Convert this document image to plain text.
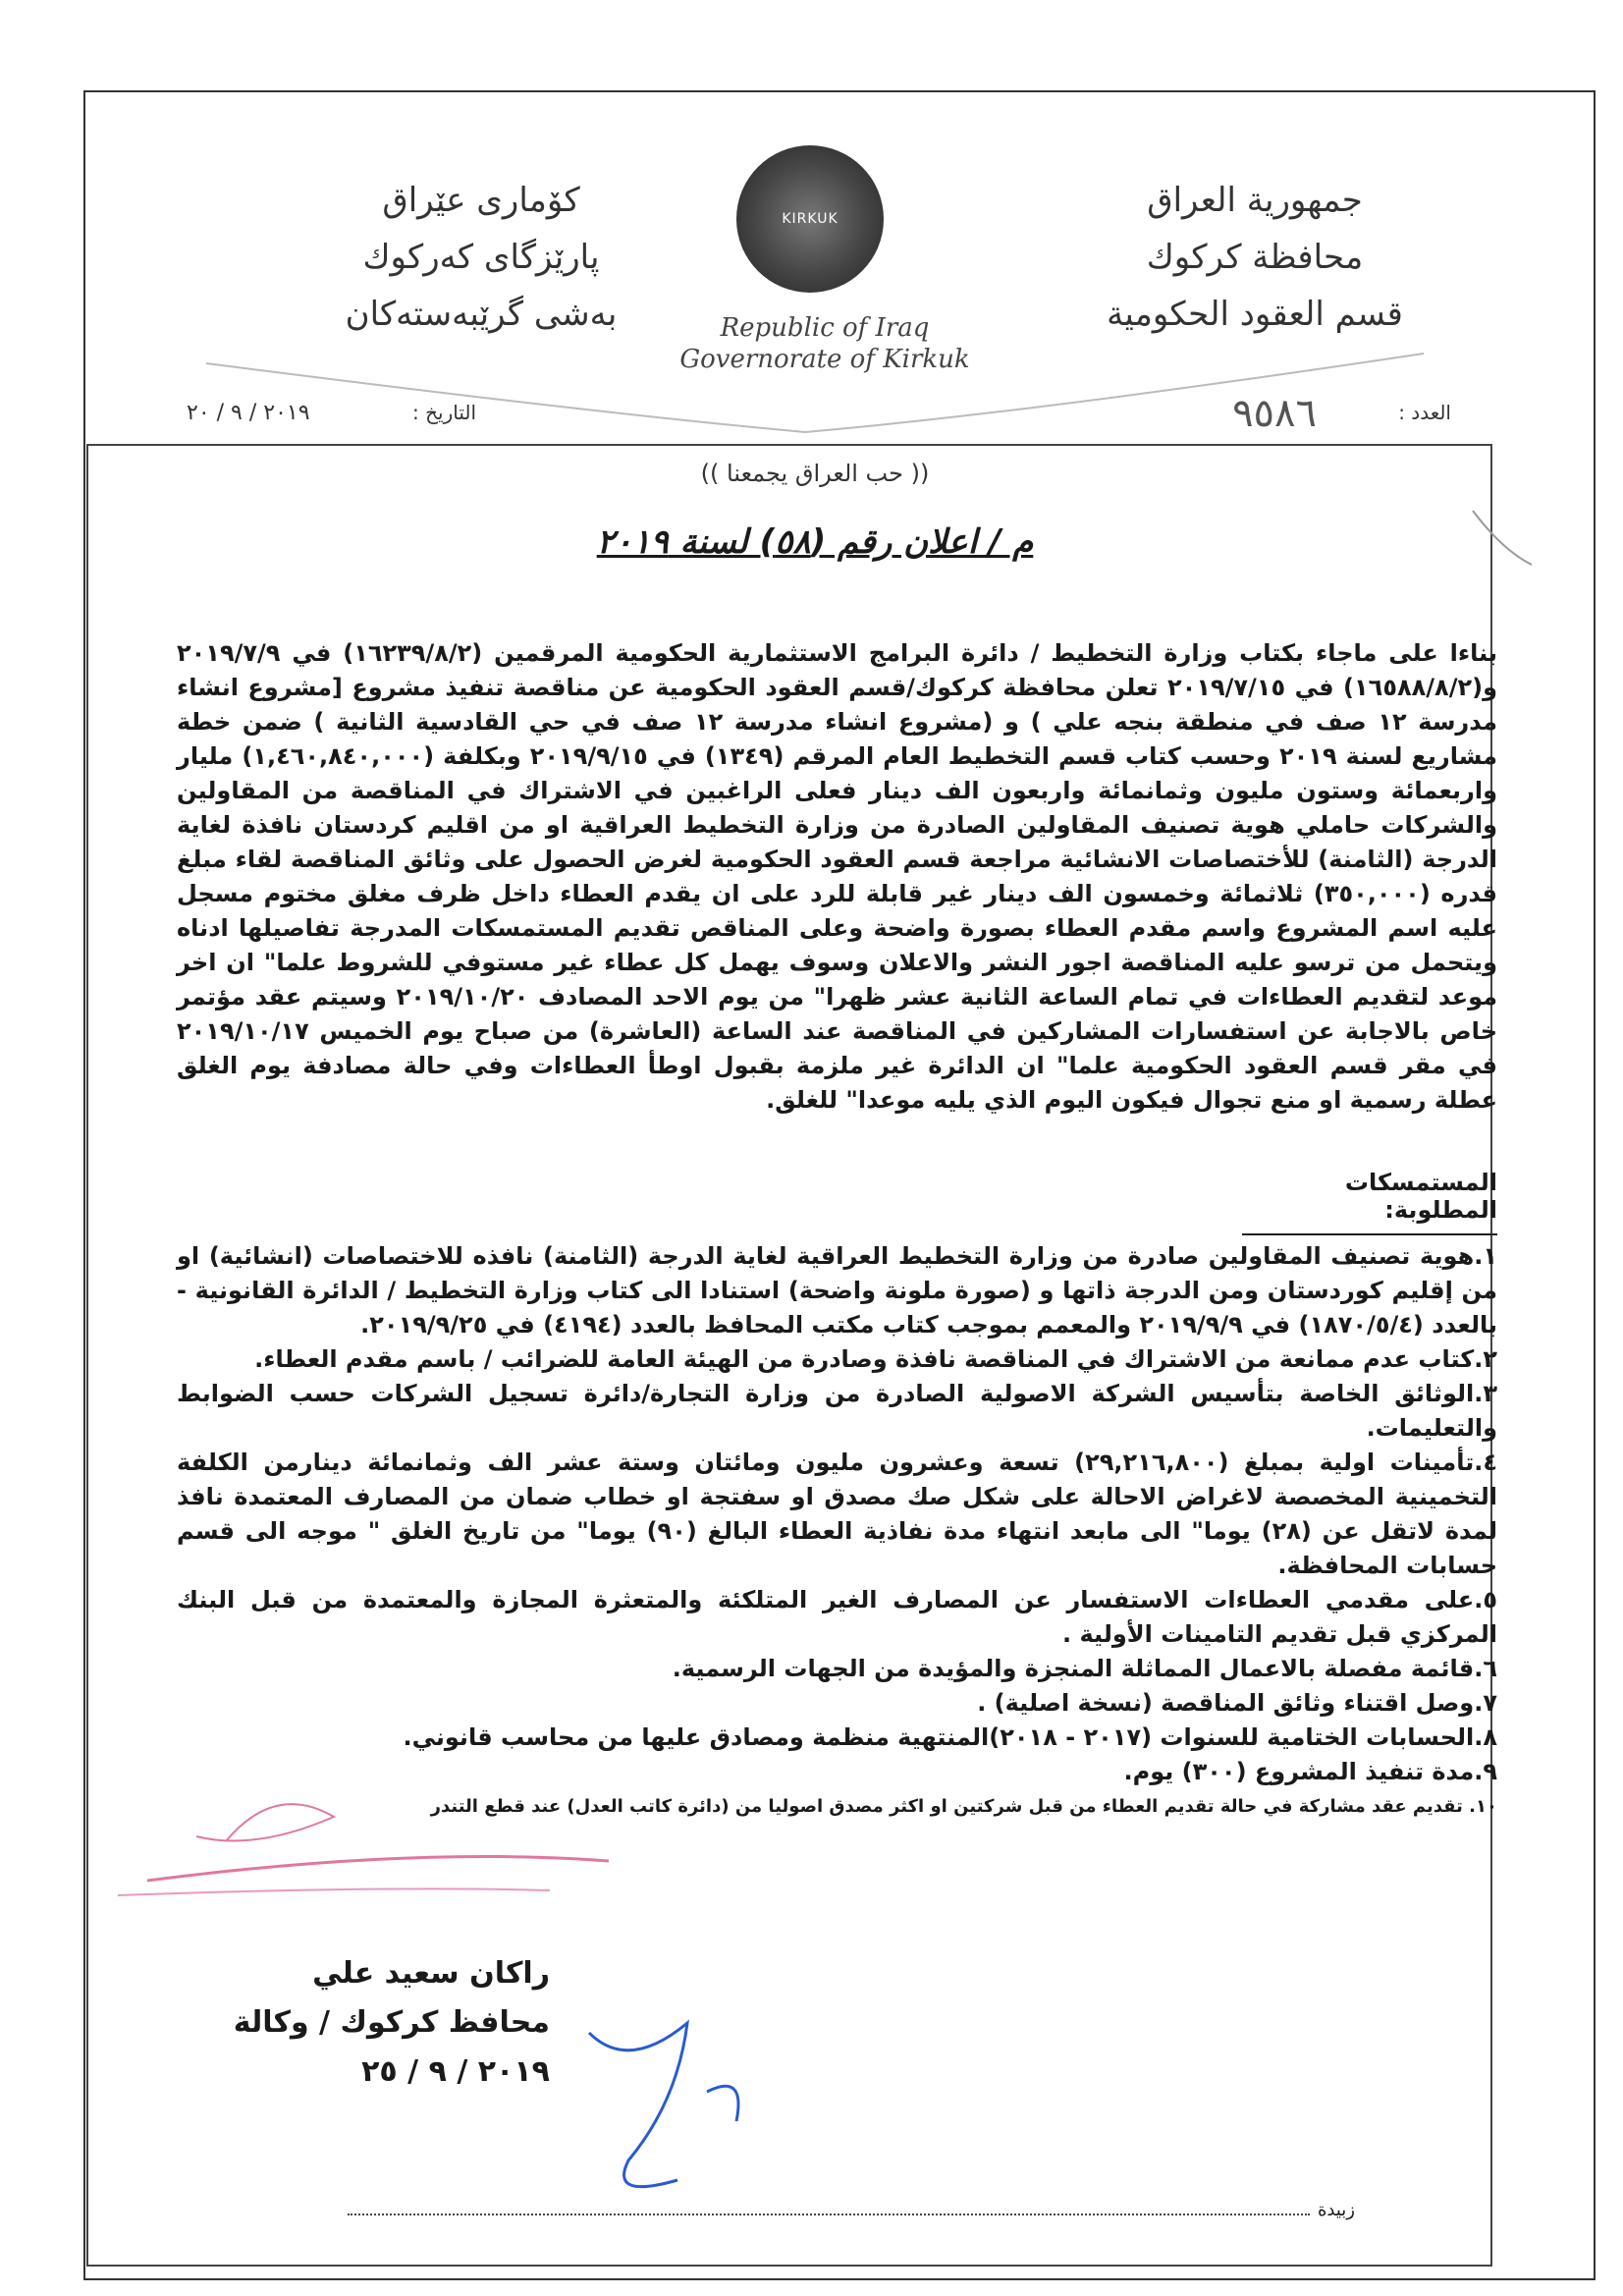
جمهورية العراق
محافظة كركوك
قسم العقود الحكومية
كۆماری عێراق
پارێزگای كەركوك
بەشی گرێبەستەكان
KIRKUK
Republic of Iraq
Governorate of Kirkuk
العدد :
٩٥٨٦
التاريخ :
٢٠١٩ / ٩ / ٢٠
(( حب العراق يجمعنا ))
م / اعلان رقم (٥٨) لسنة ٢٠١٩
بناءا على ماجاء بكتاب وزارة التخطيط / دائرة البرامج الاستثمارية الحكومية المرقمين (١٦٢٣٩/٨/٢) في ٢٠١٩/٧/٩ و(١٦٥٨٨/٨/٢) في ٢٠١٩/٧/١٥ تعلن محافظة كركوك/قسم العقود الحكومية عن مناقصة تنفيذ مشروع [مشروع انشاء مدرسة ١٢ صف في منطقة بنجه علي ) و (مشروع انشاء مدرسة ١٢ صف في حي القادسية الثانية ) ضمن خطة مشاريع لسنة ٢٠١٩ وحسب كتاب قسم التخطيط العام المرقم (١٣٤٩) في ٢٠١٩/٩/١٥ وبكلفة (١,٤٦٠,٨٤٠,٠٠٠) مليار واربعمائة وستون مليون وثمانمائة واربعون الف دينار فعلى الراغبين في الاشتراك في المناقصة من المقاولين والشركات حاملي هوية تصنيف المقاولين الصادرة من وزارة التخطيط العراقية او من اقليم كردستان نافذة لغاية الدرجة (الثامنة) للأختصاصات الانشائية مراجعة قسم العقود الحكومية لغرض الحصول على وثائق المناقصة لقاء مبلغ قدره (٣٥٠,٠٠٠) ثلاثمائة وخمسون الف دينار غير قابلة للرد على ان يقدم العطاء داخل ظرف مغلق مختوم مسجل عليه اسم المشروع واسم مقدم العطاء بصورة واضحة وعلى المناقص تقديم المستمسكات المدرجة تفاصيلها ادناه ويتحمل من ترسو عليه المناقصة اجور النشر والاعلان وسوف يهمل كل عطاء غير مستوفي للشروط علما" ان اخر موعد لتقديم العطاءات في تمام الساعة الثانية عشر ظهرا" من يوم الاحد المصادف ٢٠١٩/١٠/٢٠ وسيتم عقد مؤتمر خاص بالاجابة عن استفسارات المشاركين في المناقصة عند الساعة (العاشرة) من صباح يوم الخميس ٢٠١٩/١٠/١٧ في مقر قسم العقود الحكومية علما" ان الدائرة غير ملزمة بقبول اوطأ العطاءات وفي حالة مصادفة يوم الغلق عطلة رسمية او منع تجوال فيكون اليوم الذي يليه موعدا" للغلق.
المستمسكات المطلوبة:
١.هوية تصنيف المقاولين صادرة من وزارة التخطيط العراقية لغاية الدرجة (الثامنة) نافذه للاختصاصات (انشائية) او من إقليم كوردستان ومن الدرجة ذاتها و (صورة ملونة واضحة) استنادا الى كتاب وزارة التخطيط / الدائرة القانونية - بالعدد (١٨٧٠/٥/٤) في ٢٠١٩/٩/٩ والمعمم بموجب كتاب مكتب المحافظ بالعدد (٤١٩٤) في ٢٠١٩/٩/٢٥.
٢.كتاب عدم ممانعة من الاشتراك في المناقصة نافذة وصادرة من الهيئة العامة للضرائب / باسم مقدم العطاء.
٣.الوثائق الخاصة بتأسيس الشركة الاصولية الصادرة من وزارة التجارة/دائرة تسجيل الشركات حسب الضوابط والتعليمات.
٤.تأمينات اولية بمبلغ (٢٩,٢١٦,٨٠٠) تسعة وعشرون مليون ومائتان وستة عشر الف وثمانمائة دينارمن الكلفة التخمينية المخصصة لاغراض الاحالة على شكل صك مصدق او سفتجة او خطاب ضمان من المصارف المعتمدة نافذ لمدة لاتقل عن (٢٨) يوما" الى مابعد انتهاء مدة نفاذية العطاء البالغ (٩٠) يوما" من تاريخ الغلق " موجه الى قسم حسابات المحافظة.
٥.على مقدمي العطاءات الاستفسار عن المصارف الغير المتلكئة والمتعثرة المجازة والمعتمدة من قبل البنك المركزي قبل تقديم التامينات الأولية .
٦.قائمة مفصلة بالاعمال المماثلة المنجزة والمؤيدة من الجهات الرسمية.
٧.وصل اقتناء وثائق المناقصة (نسخة اصلية) .
٨.الحسابات الختامية للسنوات (٢٠١٧ - ٢٠١٨)المنتهية منظمة ومصادق عليها من محاسب قانوني.
٩.مدة تنفيذ المشروع (٣٠٠) يوم.
١٠. تقديم عقد مشاركة في حالة تقديم العطاء من قبل شركتين او اكثر مصدق اصوليا من (دائرة كاتب العدل) عند قطع التندر
راكان سعيد علي
محافظ كركوك / وكالة
٢٠١٩ / ٩ / ٢٥
زبيدة
